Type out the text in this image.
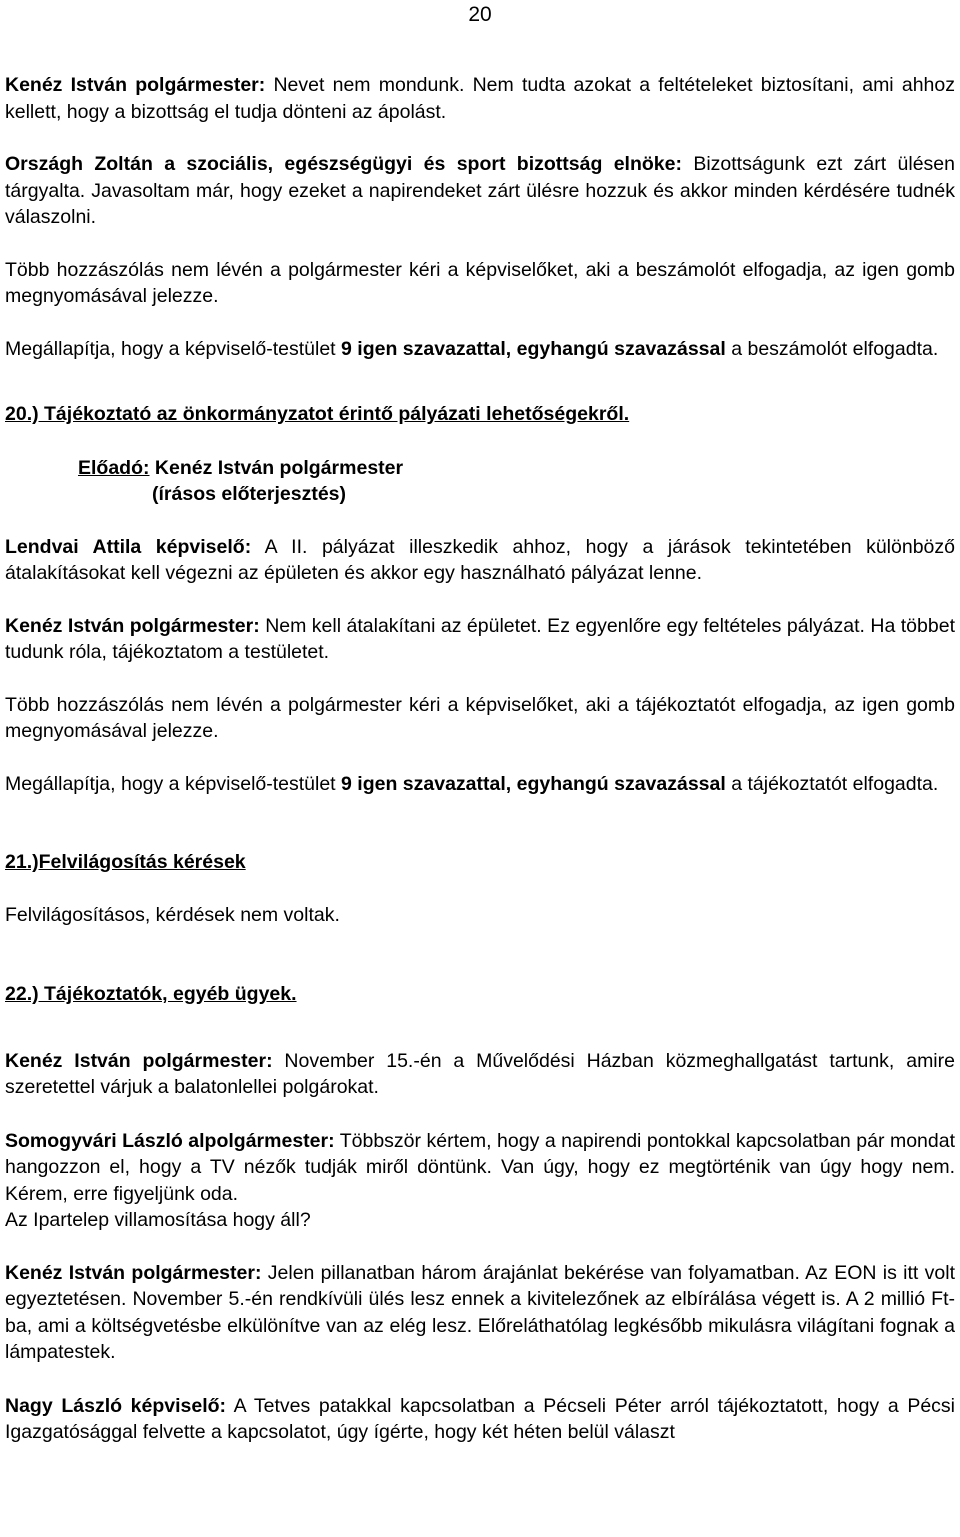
20

Kenéz István polgármester: Nevet nem mondunk. Nem tudta azokat a feltételeket biztosítani, ami ahhoz kellett, hogy a bizottság el tudja dönteni az ápolást.

Országh Zoltán a szociális, egészségügyi és sport bizottság elnöke: Bizottságunk ezt zárt ülésen tárgyalta. Javasoltam már, hogy ezeket a napirendeket zárt ülésre hozzuk és akkor minden kérdésére tudnék válaszolni.

Több hozzászólás nem lévén a polgármester kéri a képviselőket, aki a beszámolót elfogadja, az igen gomb megnyomásával jelezze.

Megállapítja, hogy a képviselő-testület 9 igen szavazattal, egyhangú szavazással a beszámolót elfogadta.

20.) Tájékoztató az önkormányzatot érintő pályázati lehetőségekről.

Előadó: Kenéz István polgármester

(írásos előterjesztés)

Lendvai Attila képviselő: A II. pályázat illeszkedik ahhoz, hogy a járások tekintetében különböző átalakításokat kell végezni az épületen és akkor egy használható pályázat lenne.

Kenéz István polgármester: Nem kell átalakítani az épületet. Ez egyenlőre egy feltételes pályázat. Ha többet tudunk róla, tájékoztatom a testületet.

Több hozzászólás nem lévén a polgármester kéri a képviselőket, aki a tájékoztatót elfogadja, az igen gomb megnyomásával jelezze.

Megállapítja, hogy a képviselő-testület 9 igen szavazattal, egyhangú szavazással a tájékoztatót elfogadta.

21.)Felvilágosítás kérések

Felvilágosításos, kérdések nem voltak.

22.) Tájékoztatók, egyéb ügyek.

Kenéz István polgármester: November 15.-én a Művelődési Házban közmeghallgatást tartunk, amire szeretettel várjuk a balatonlellei polgárokat.

Somogyvári László alpolgármester: Többször kértem, hogy a napirendi pontokkal kapcsolatban pár mondat hangozzon el, hogy a TV nézők tudják miről döntünk. Van úgy, hogy ez megtörténik van úgy hogy nem. Kérem, erre figyeljünk oda.

Az Ipartelep villamosítása hogy áll?

Kenéz István polgármester: Jelen pillanatban három árajánlat bekérése van folyamatban. Az EON is itt volt egyeztetésen. November 5.-én rendkívüli ülés lesz ennek a kivitelezőnek az elbírálása végett is. A 2 millió Ft-ba, ami a költségvetésbe elkülönítve van az elég lesz. Előreláthatólag legkésőbb mikulásra világítani fognak a lámpatestek.

Nagy László képviselő: A Tetves patakkal kapcsolatban a Pécseli Péter arról tájékoztatott, hogy a Pécsi Igazgatósággal felvette a kapcsolatot, úgy ígérte, hogy két héten belül választ
